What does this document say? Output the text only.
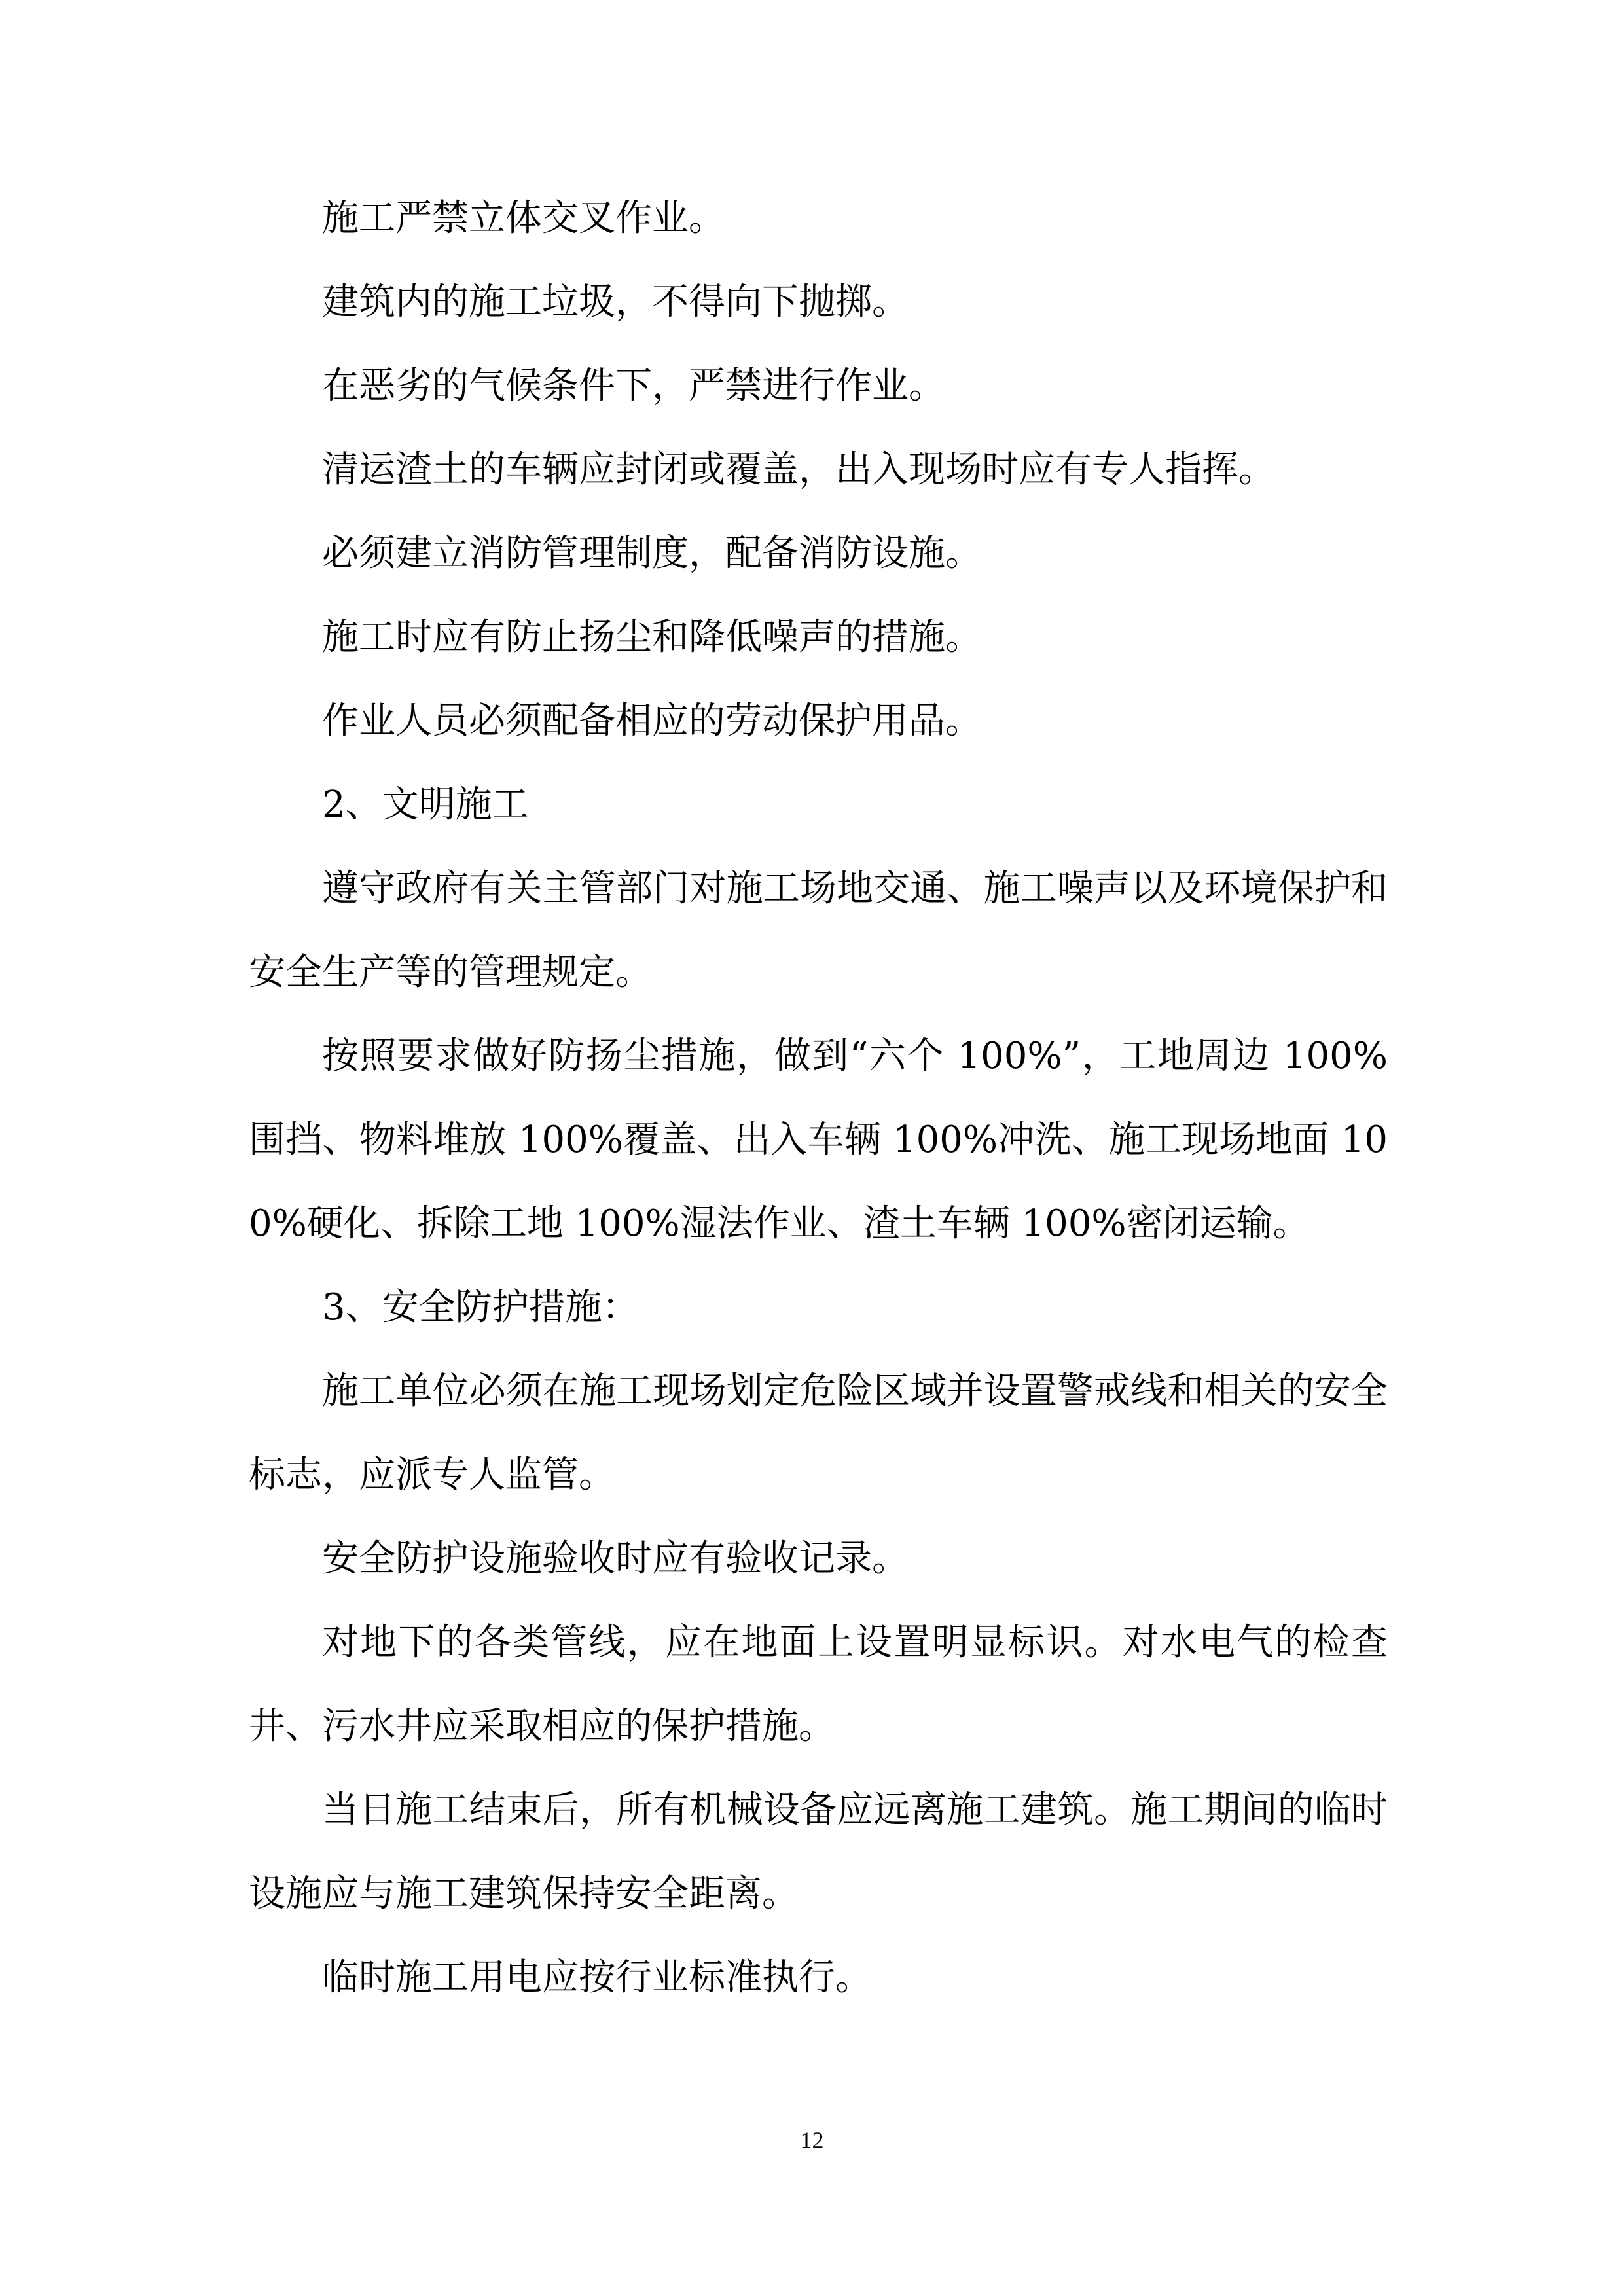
施工严禁立体交叉作业。

建筑内的施工垃圾，不得向下抛掷。

在恶劣的气候条件下，严禁进行作业。

清运渣土的车辆应封闭或覆盖，出入现场时应有专人指挥。

必须建立消防管理制度，配备消防设施。

施工时应有防止扬尘和降低噪声的措施。

作业人员必须配备相应的劳动保护用品。

2、文明施工

遵守政府有关主管部门对施工场地交通、施工噪声以及环境保护和安全生产等的管理规定。

按照要求做好防扬尘措施，做到“六个 100%”，工地周边 100%围挡、物料堆放 100%覆盖、出入车辆 100%冲洗、施工现场地面 100%硬化、拆除工地 100%湿法作业、渣土车辆 100%密闭运输。

3、安全防护措施：

施工单位必须在施工现场划定危险区域并设置警戒线和相关的安全标志，应派专人监管。

安全防护设施验收时应有验收记录。

对地下的各类管线，应在地面上设置明显标识。对水电气的检查井、污水井应采取相应的保护措施。

当日施工结束后，所有机械设备应远离施工建筑。施工期间的临时设施应与施工建筑保持安全距离。

临时施工用电应按行业标准执行。

12
